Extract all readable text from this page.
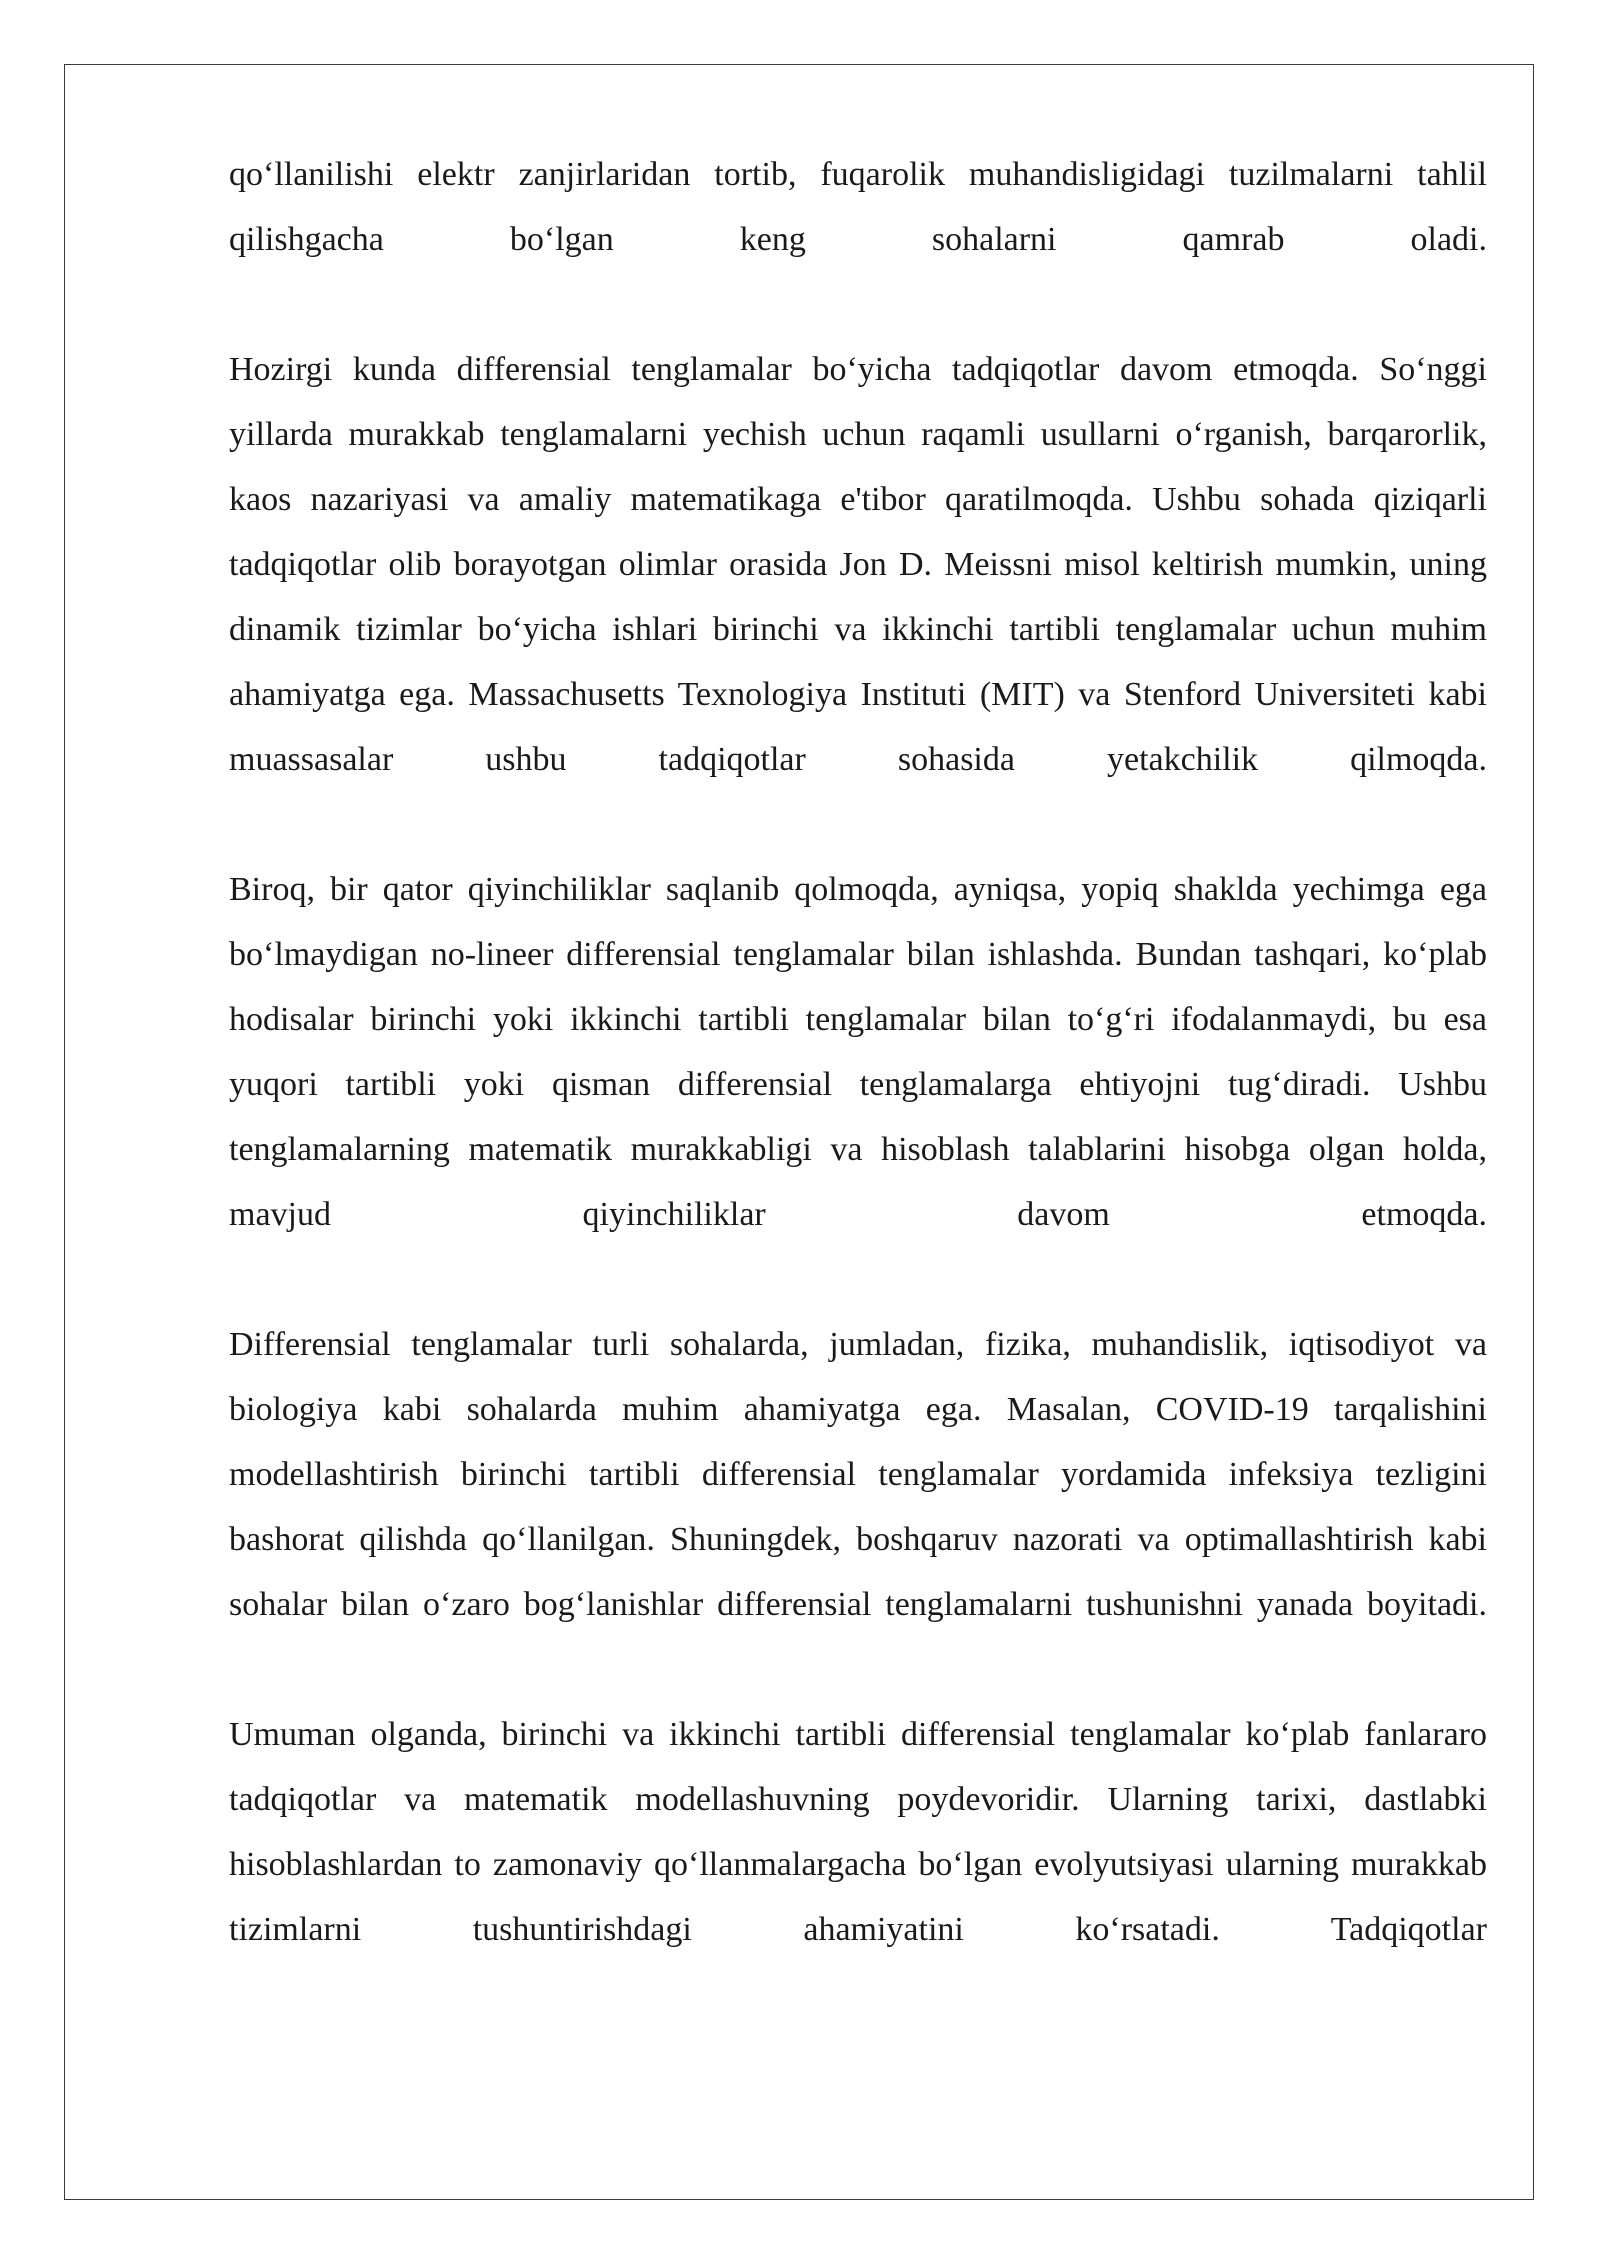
qo‘llanilishi elektr zanjirlaridan tortib, fuqarolik muhandisligidagi tuzilmalarni tahlil qilishgacha bo‘lgan keng sohalarni qamrab oladi.

Hozirgi kunda differensial tenglamalar bo‘yicha tadqiqotlar davom etmoqda. So‘nggi yillarda murakkab tenglamalarni yechish uchun raqamli usullarni o‘rganish, barqarorlik, kaos nazariyasi va amaliy matematikaga e'tibor qaratilmoqda. Ushbu sohada qiziqarli tadqiqotlar olib borayotgan olimlar orasida Jon D. Meissni misol keltirish mumkin, uning dinamik tizimlar bo‘yicha ishlari birinchi va ikkinchi tartibli tenglamalar uchun muhim ahamiyatga ega. Massachusetts Texnologiya Instituti (MIT) va Stenford Universiteti kabi muassasalar ushbu tadqiqotlar sohasida yetakchilik qilmoqda.

Biroq, bir qator qiyinchiliklar saqlanib qolmoqda, ayniqsa, yopiq shaklda yechimga ega bo‘lmaydigan no-lineer differensial tenglamalar bilan ishlashda. Bundan tashqari, ko‘plab hodisalar birinchi yoki ikkinchi tartibli tenglamalar bilan to‘g‘ri ifodalanmaydi, bu esa yuqori tartibli yoki qisman differensial tenglamalarga ehtiyojni tug‘diradi. Ushbu tenglamalarning matematik murakkabligi va hisoblash talablarini hisobga olgan holda, mavjud qiyinchiliklar davom etmoqda.

Differensial tenglamalar turli sohalarda, jumladan, fizika, muhandislik, iqtisodiyot va biologiya kabi sohalarda muhim ahamiyatga ega. Masalan, COVID-19 tarqalishini modellashtirish birinchi tartibli differensial tenglamalar yordamida infeksiya tezligini bashorat qilishda qo‘llanilgan. Shuningdek, boshqaruv nazorati va optimallashtirish kabi sohalar bilan o‘zaro bog‘lanishlar differensial tenglamalarni tushunishni yanada boyitadi.

Umuman olganda, birinchi va ikkinchi tartibli differensial tenglamalar ko‘plab fanlararo tadqiqotlar va matematik modellashuvning poydevoridir. Ularning tarixi, dastlabki hisoblashlardan to zamonaviy qo‘llanmalargacha bo‘lgan evolyutsiyasi ularning murakkab tizimlarni tushuntirishdagi ahamiyatini ko‘rsatadi. Tadqiqotlar
